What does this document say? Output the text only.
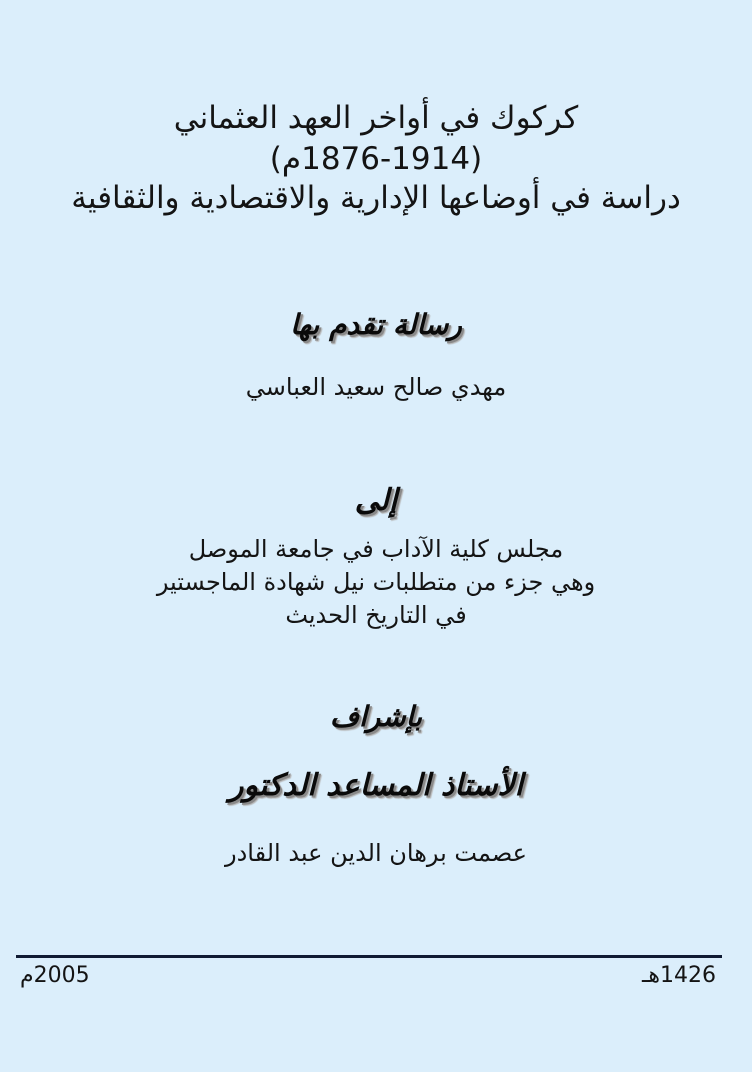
كركوك في أواخر العهد العثماني
(1876-1914م)
دراسة في أوضاعها الإدارية والاقتصادية والثقافية
رسالة تقدم بها
مهدي صالح سعيد العباسي
إلى
مجلس كلية الآداب في جامعة الموصل
وهي جزء من متطلبات نيل شهادة الماجستير
في التاريخ الحديث
بإشراف
الأستاذ المساعد الدكتور
عصمت برهان الدين عبد القادر
1426هـ
2005م
